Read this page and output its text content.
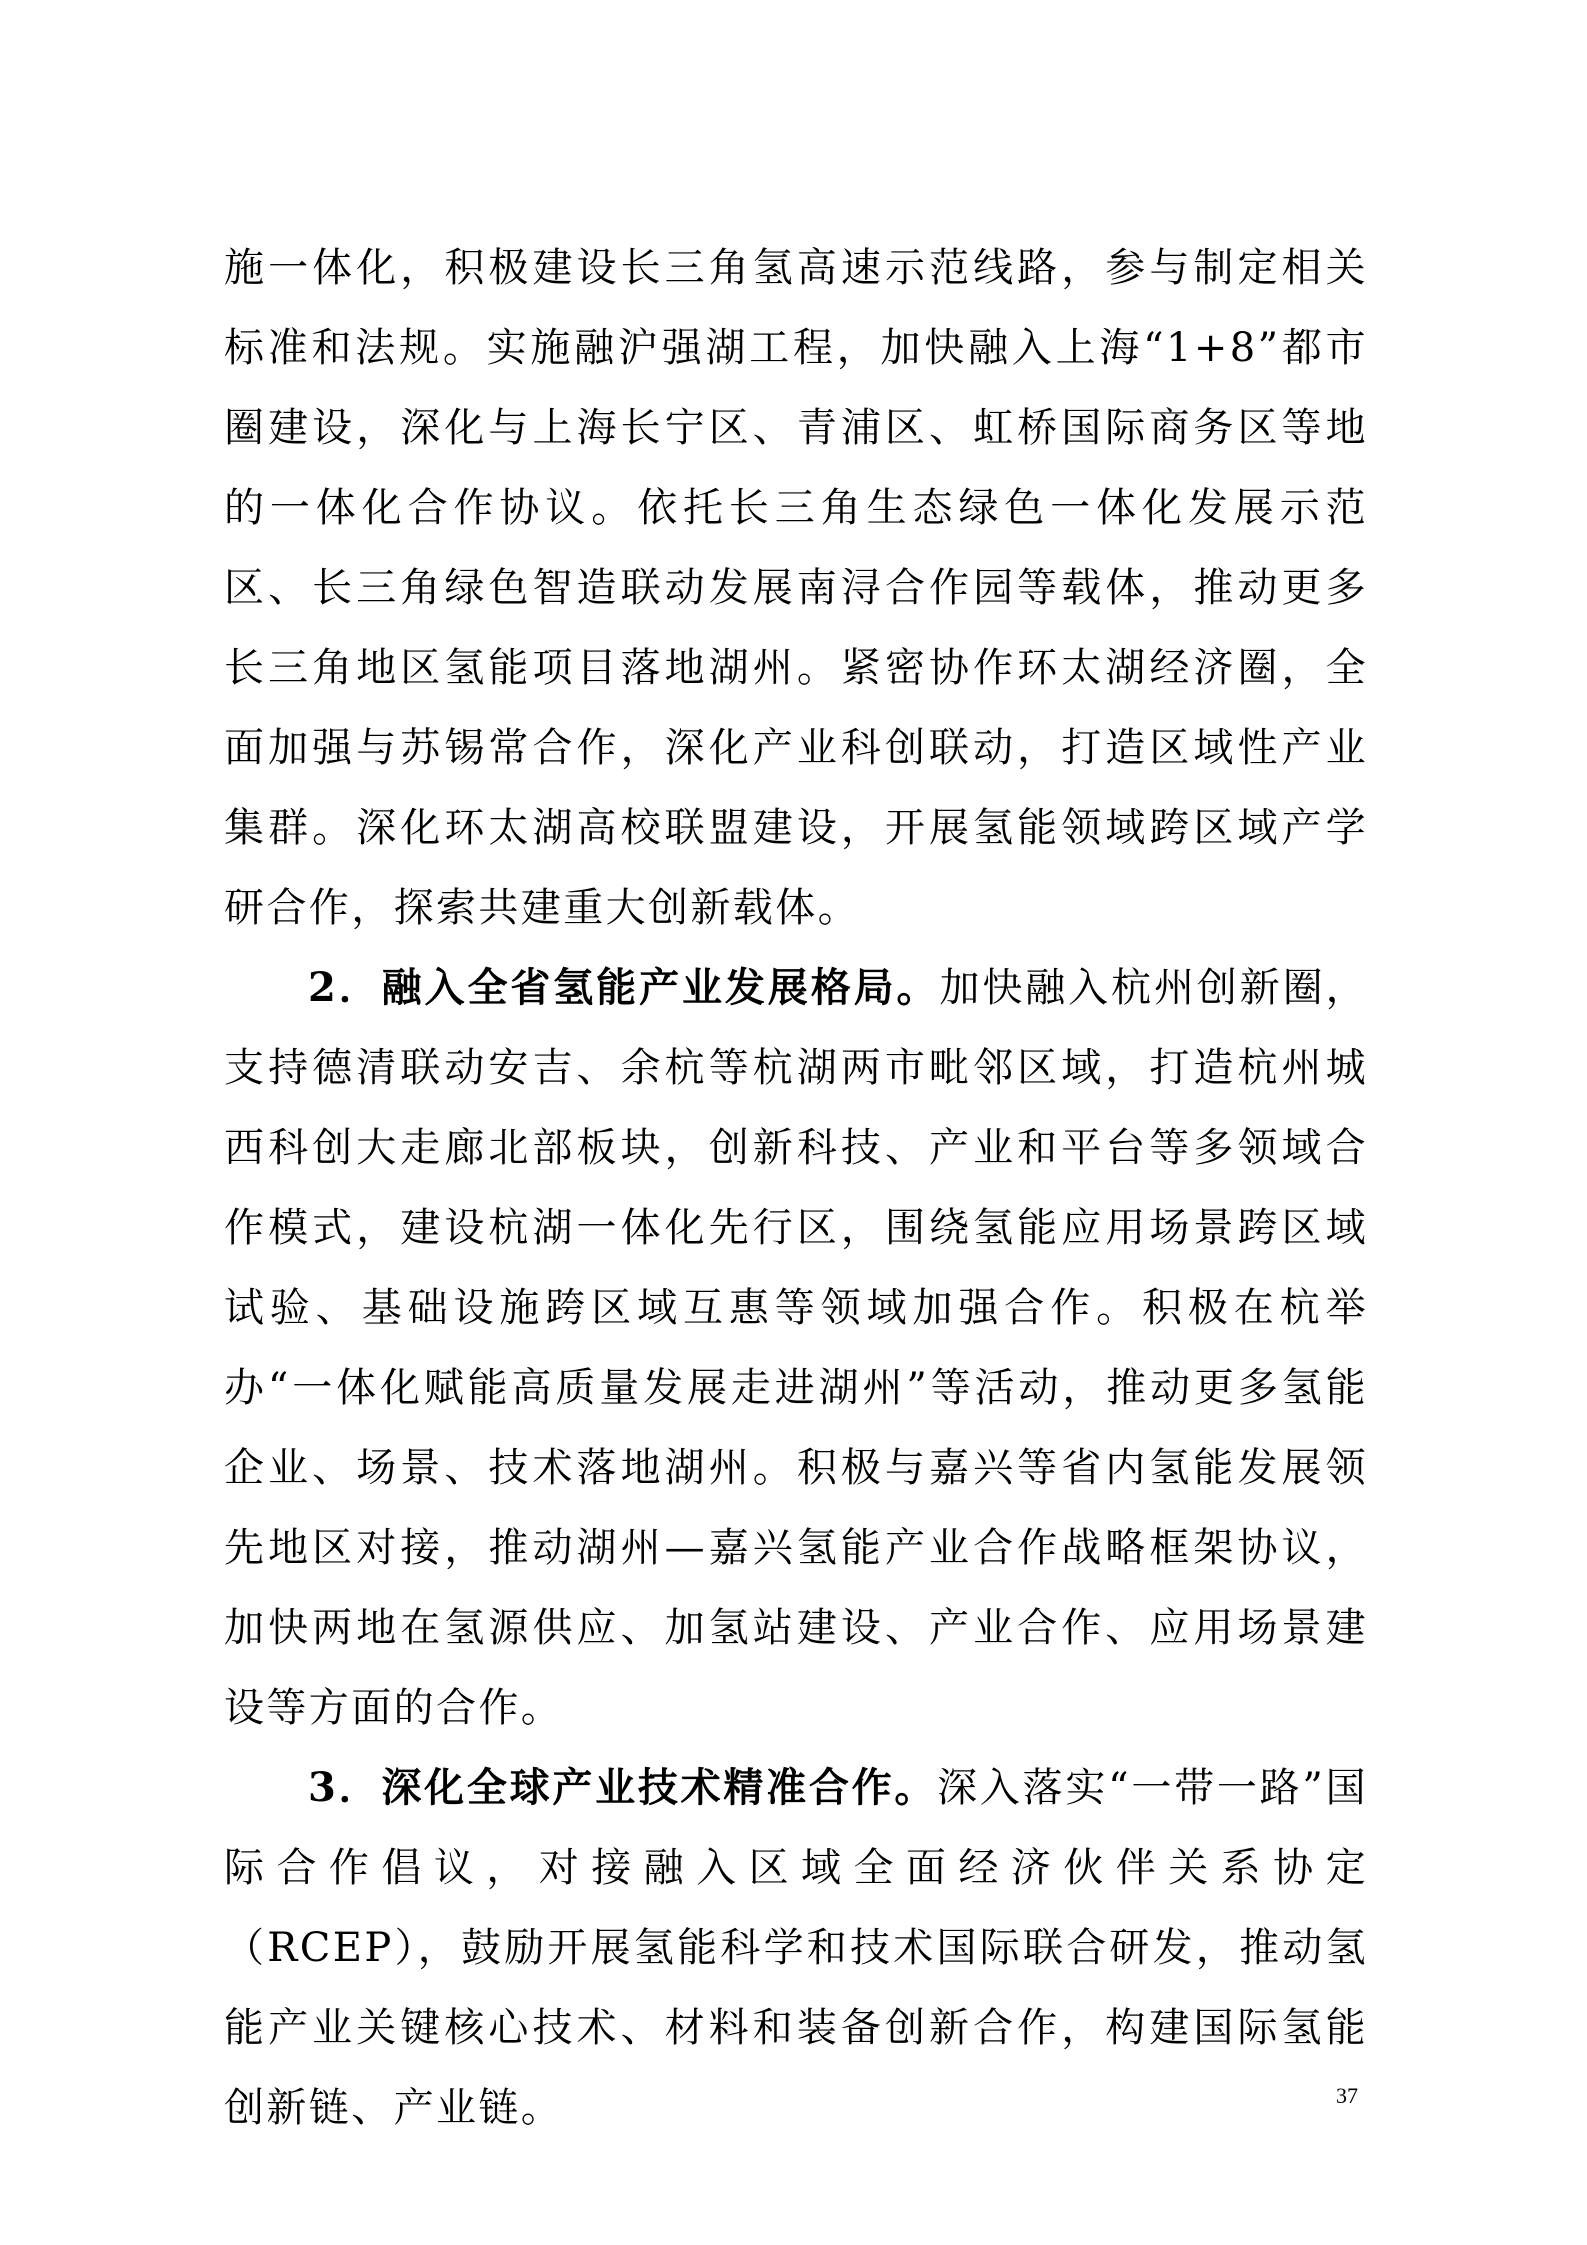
施一体化，积极建设长三角氢高速示范线路，参与制定相关标准和法规。实施融沪强湖工程，加快融入上海“1+8”都市圈建设，深化与上海长宁区、青浦区、虹桥国际商务区等地的一体化合作协议。依托长三角生态绿色一体化发展示范区、长三角绿色智造联动发展南浔合作园等载体，推动更多长三角地区氢能项目落地湖州。紧密协作环太湖经济圈，全面加强与苏锡常合作，深化产业科创联动，打造区域性产业集群。深化环太湖高校联盟建设，开展氢能领域跨区域产学研合作，探索共建重大创新载体。

2．融入全省氢能产业发展格局。加快融入杭州创新圈，支持德清联动安吉、余杭等杭湖两市毗邻区域，打造杭州城西科创大走廊北部板块，创新科技、产业和平台等多领域合作模式，建设杭湖一体化先行区，围绕氢能应用场景跨区域试验、基础设施跨区域互惠等领域加强合作。积极在杭举办“一体化赋能高质量发展走进湖州”等活动，推动更多氢能企业、场景、技术落地湖州。积极与嘉兴等省内氢能发展领先地区对接，推动湖州—嘉兴氢能产业合作战略框架协议，加快两地在氢源供应、加氢站建设、产业合作、应用场景建设等方面的合作。

3．深化全球产业技术精准合作。深入落实“一带一路”国际合作倡议，对接融入区域全面经济伙伴关系协定（RCEP），鼓励开展氢能科学和技术国际联合研发，推动氢能产业关键核心技术、材料和装备创新合作，构建国际氢能创新链、产业链。	37
